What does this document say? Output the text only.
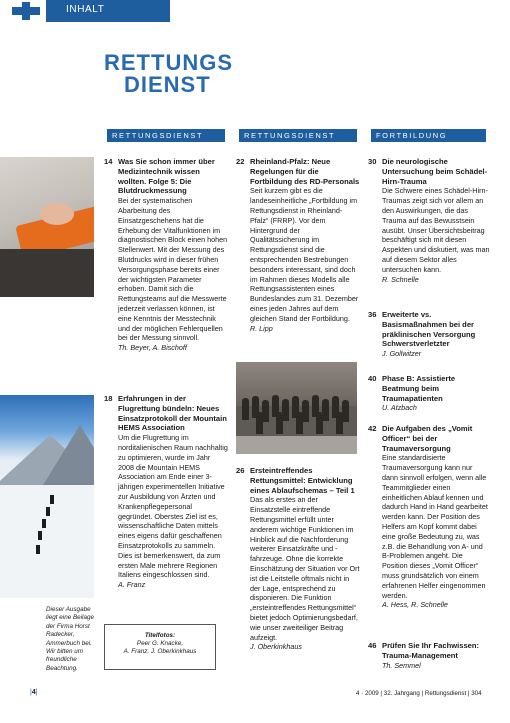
INHALT
RETTUNGS
DIENST
RETTUNGSDIENST	RETTUNGSDIENST	FORTBILDUNG
14 Was Sie schon immer über Medizintechnik wissen wollten. Folge 5: Die Blutdruckmessung
Bei der systematischen Abarbeitung des Einsatzgeschehens hat die Erhebung der Vitalfunktionen im diagnostischen Block einen hohen Stellenwert. Mit der Messung des Blutdrucks wird in dieser frühen Versorgungsphase bereits einer der wichtigsten Parameter erhoben. Damit sich die Rettungsteams auf die Messwerte jederzeit verlassen können, ist eine Kenntnis der Messtechnik und der möglichen Fehlerquellen bei der Messung sinnvoll.
Th. Beyer, A. Bischoff
18 Erfahrungen in der Flugrettung bündeln: Neues Einsatzprotokoll der Mountain HEMS Association
Um die Flugrettung im norditalienischen Raum nachhaltig zu optimieren, wurde im Jahr 2008 die Mountain HEMS Association am Ende einer 3-jährigen experimentellen Initiative zur Ausbildung von Ärzten und Krankenpflegepersonal gegründet. Oberstes Ziel ist es, wissenschaftliche Daten mittels eines eigens dafür geschaffenen Einsatzprotokolls zu sammeln. Dies ist bemerkenswert, da zum ersten Male mehrere Regionen Italiens eingeschlossen sind.
A. Franz
22 Rheinland-Pfalz: Neue Regelungen für die Fortbildung des RD-Personals
Seit kurzem gibt es die landeseinheitliche „Fortbildung im Rettungsdienst in Rheinland-Pfalz“ (FRRP). Vor dem Hintergrund der Qualitätssicherung im Rettungsdienst sind die entsprechenden Bestrebungen besonders interessant, sind doch im Rahmen dieses Modells alle Rettungsassistenten eines Bundeslandes zum 31. Dezember eines jeden Jahres auf dem gleichen Stand der Fortbildung.
R. Lipp
26 Ersteintreffendes Rettungsmittel: Entwicklung eines Ablaufschemas – Teil 1
Das als erstes an der Einsatzstelle eintreffende Rettungsmittel erfüllt unter anderem wichtige Funktionen im Hinblick auf die Nachforderung weiterer Einsatzkräfte und -fahrzeuge. Ohne die korrekte Einschätzung der Situation vor Ort ist die Leitstelle oftmals nicht in der Lage, entsprechend zu disponieren. Die Funktion „ersteintreffendes Rettungsmittel“ bietet jedoch Optimierungsbedarf, wie unser zweiteiliger Beitrag aufzeigt.
J. Oberkinkhaus
30 Die neurologische Untersuchung beim Schädel-Hirn-Trauma
Die Schwere eines Schädel-Hirn-Traumas zeigt sich vor allem an den Auswirkungen, die das Trauma auf das Bewusstsein ausübt. Unser Übersichtsbeitrag beschäftigt sich mit diesen Aspekten und diskutiert, was man auf diesem Sektor alles untersuchen kann.
R. Schnelle
36 Erweiterte vs. Basismaßnahmen bei der präklinischen Versorgung Schwerstverletzter
J. Gollwitzer
40 Phase B: Assistierte Beatmung beim Traumapatienten
U. Atzbach
42 Die Aufgaben des „Vomit Officer“ bei der Traumaversorgung
Eine standardisierte Traumaversorgung kann nur dann sinnvoll erfolgen, wenn alle Teammitglieder einen einheitlichen Ablauf kennen und dadurch Hand in Hand gearbeitet werden kann. Der Position des Helfers am Kopf kommt dabei eine große Bedeutung zu, was z.B. die Behandlung von A- und B-Problemen angeht. Die Position dieses „Vomit Officer“ muss grundsätzlich von einem erfahrenen Helfer eingenommen werden.
A. Hess, R. Schnelle
46 Prüfen Sie Ihr Fachwissen: Trauma-Management
Th. Semmel
Dieser Ausgabe liegt eine Beilage der Firma Horst Radecker, Ammerbuch bei. Wir bitten um freundliche Beachtung.
Titelfotos:
Peer G. Knacke,
A. Franz, J. Oberkinkhaus
|4|	4 · 2009 | 32. Jahrgang | Rettungsdienst | 304
